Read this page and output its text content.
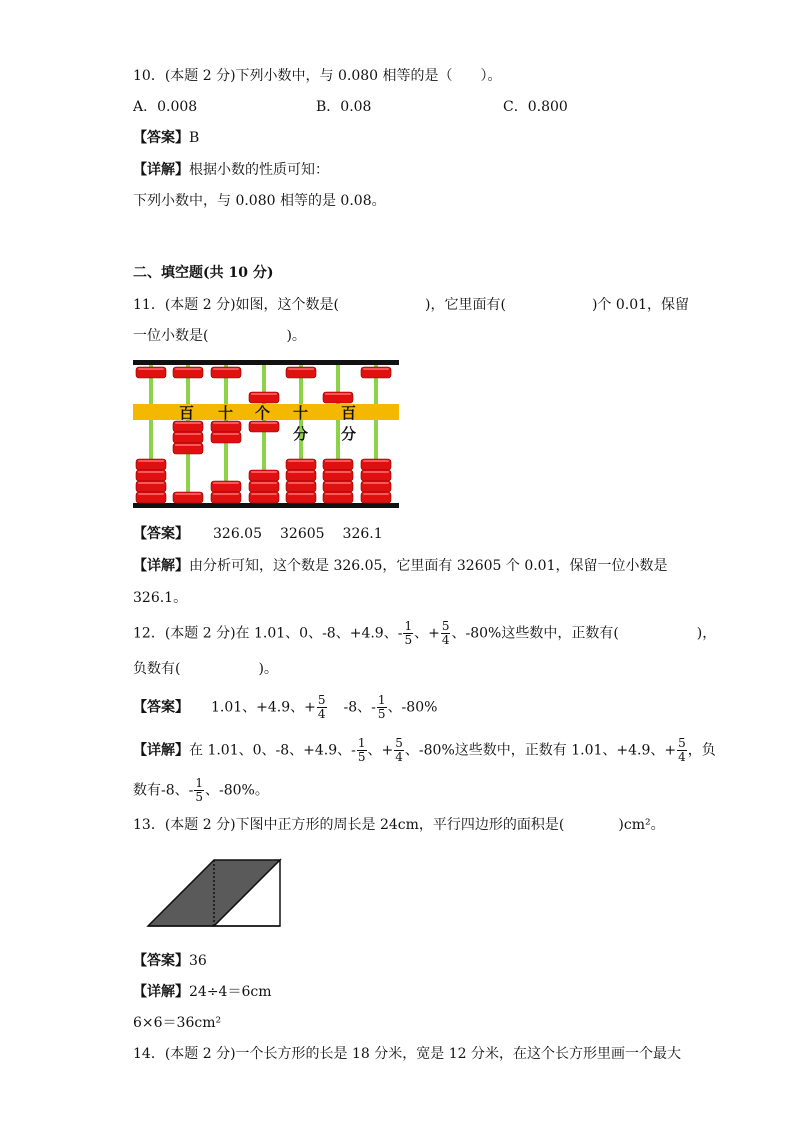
10．(本题 2 分)下列小数中，与 0.080 相等的是（　　）。
A．0.008	B．0.08	C．0.800
【答案】B
【详解】根据小数的性质可知：
下列小数中，与 0.080 相等的是 0.08。
二、填空题(共 10 分)
11．(本题 2 分)如图，这个数是(	)，它里面有(	)个 0.01，保留
一位小数是(	)。
百 十 个 十 百
分 分
【答案】 326.05 32605 326.1
【详解】由分析可知，这个数是 326.05，它里面有 32605 个 0.01，保留一位小数是
326.1。
12．(本题 2 分)在 1.01、0、-8、+4.9、- $\frac{1}{5}$ 、+ $\frac{5}{4}$ 、-80%这些数中，正数有(	)，
负数有(	)。
【答案】 1.01、+4.9、+ $\frac{5}{4} -8$、- $\frac{1}{5}$ 、-80%
【详解】在 1.01、0、-8、+4.9、- $\frac{1}{5}$ 、+ $\frac{5}{4}$ 、-80%这些数中，正数有 1.01、+4.9、+ $\frac{5}{4}$ ，负
数有-8、- $\frac{1}{5}$ 、-80%。
13．(本题 2 分)下图中正方形的周长是 24cm，平行四边形的面积是(	)cm²。
【答案】36
【详解】24÷4＝6cm
6×6＝36cm²
14．(本题 2 分)一个长方形的长是 18 分米，宽是 12 分米，在这个长方形里画一个最大
